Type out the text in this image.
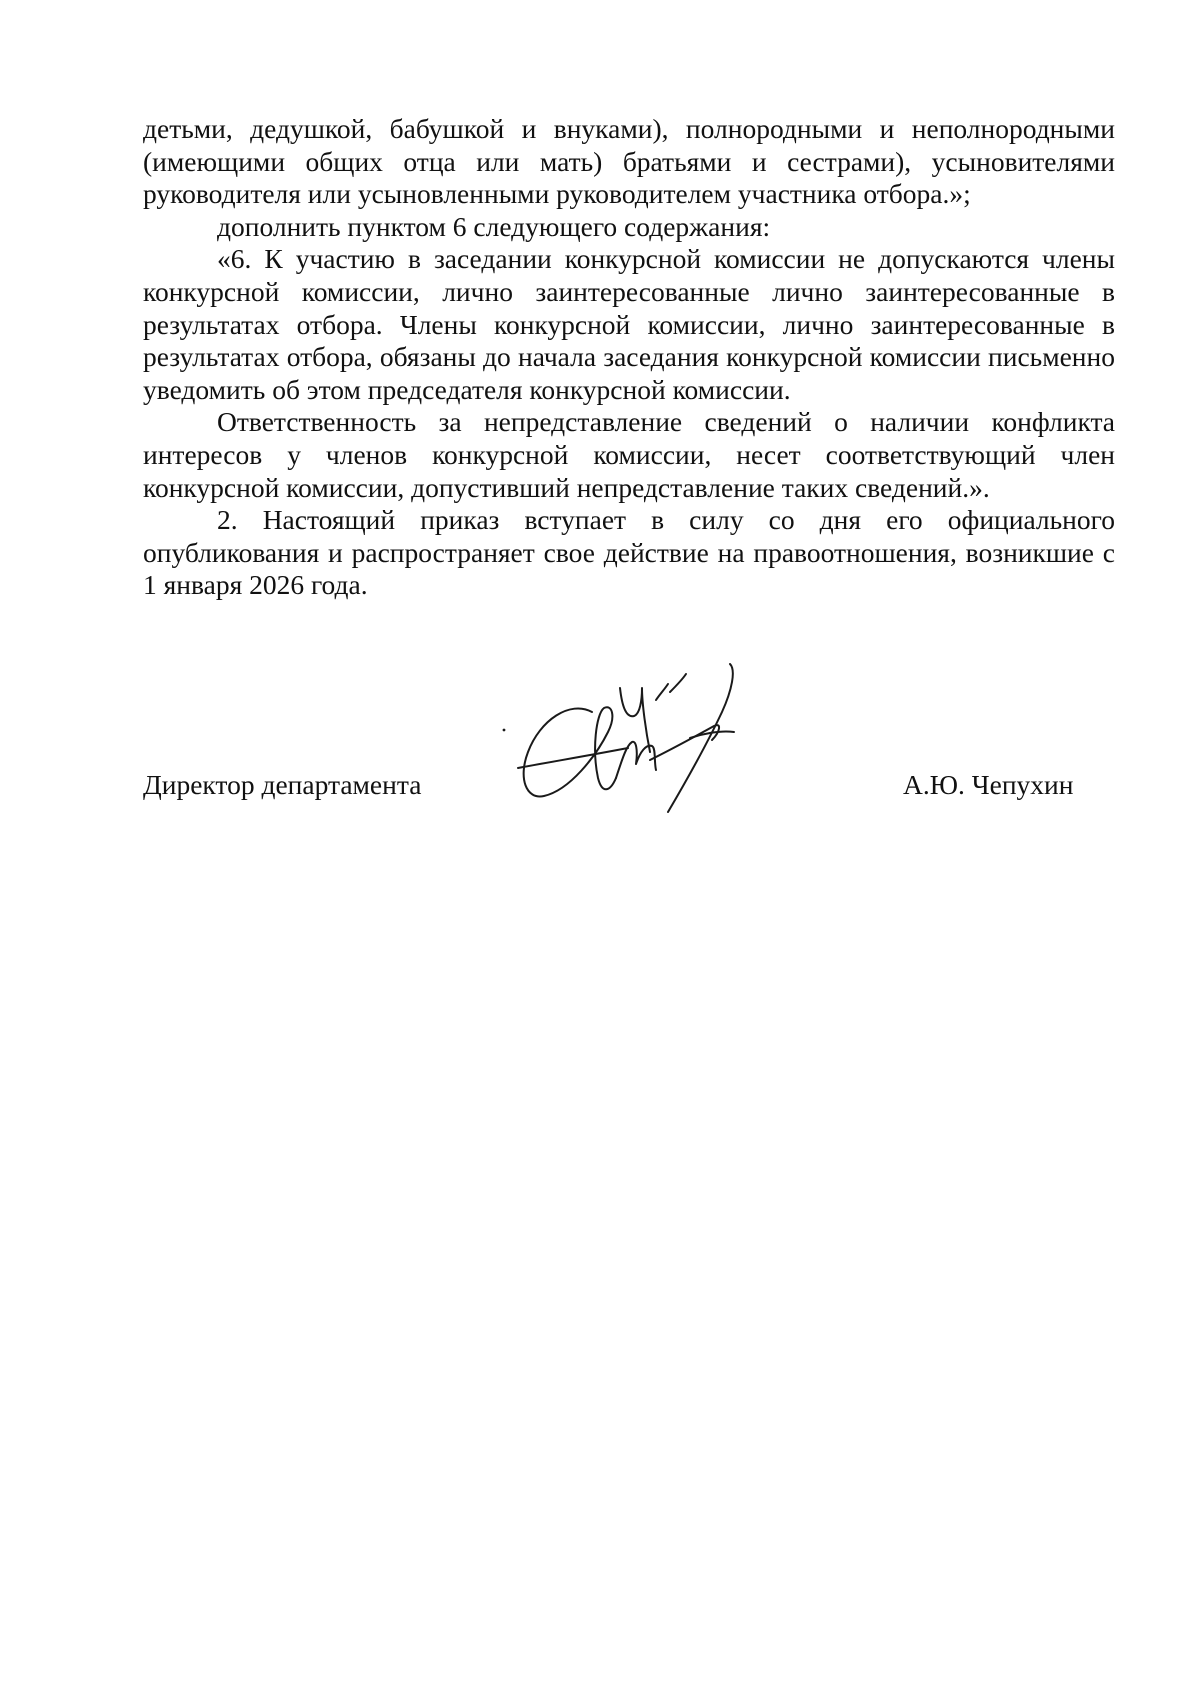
детьми, дедушкой, бабушкой и внуками), полнородными и неполнородными (имеющими общих отца или мать) братьями и сестрами), усыновителями руководителя или усыновленными руководителем участника отбора.»;

дополнить пунктом 6 следующего содержания:

«6. К участию в заседании конкурсной комиссии не допускаются члены конкурсной комиссии, лично заинтересованные лично заинтересованные в результатах отбора. Члены конкурсной комиссии, лично заинтересованные в результатах отбора, обязаны до начала заседания конкурсной комиссии письменно уведомить об этом председателя конкурсной комиссии.

Ответственность за непредставление сведений о наличии конфликта интересов у членов конкурсной комиссии, несет соответствующий член конкурсной комиссии, допустивший непредставление таких сведений.».

2. Настоящий приказ вступает в силу со дня его официального опубликования и распространяет свое действие на правоотношения, возникшие с 1 января 2026 года.

Директор департамента	А.Ю. Чепухин
